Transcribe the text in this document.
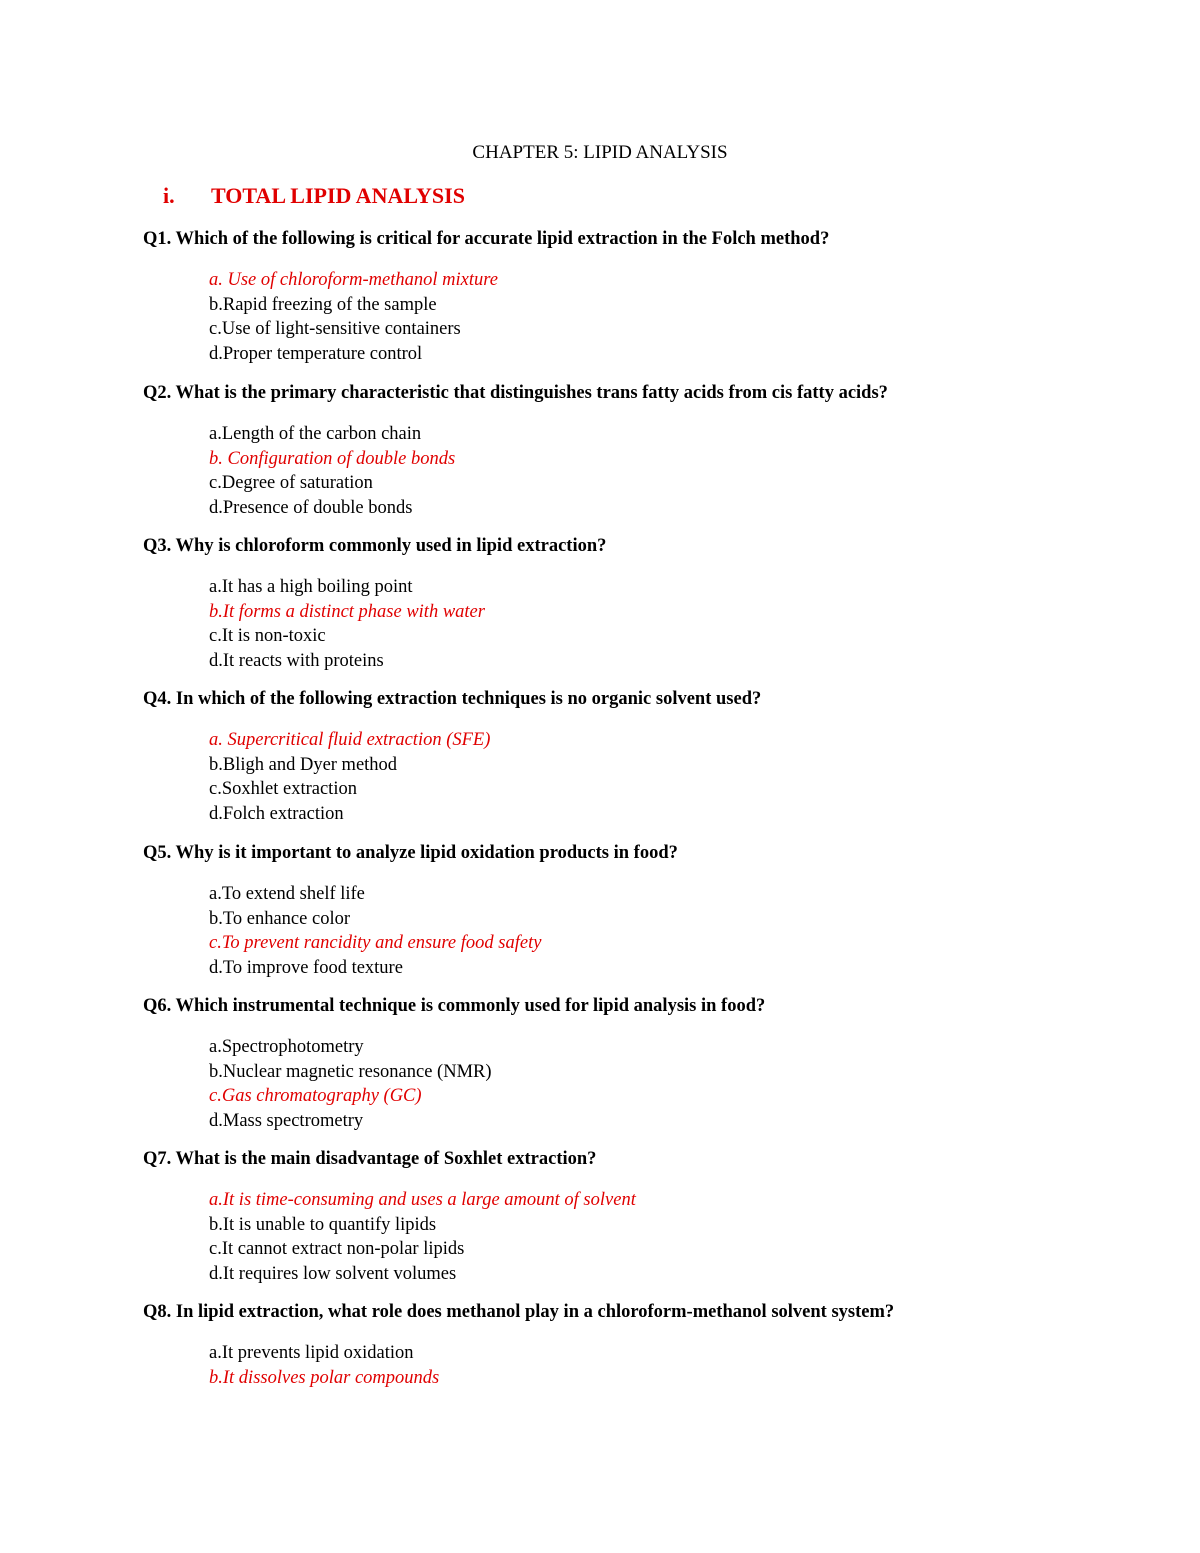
CHAPTER 5: LIPID ANALYSIS
i. TOTAL LIPID ANALYSIS
Q1. Which of the following is critical for accurate lipid extraction in the Folch method?
a. Use of chloroform-methanol mixture
b.Rapid freezing of the sample
c.Use of light-sensitive containers
d.Proper temperature control
Q2. What is the primary characteristic that distinguishes trans fatty acids from cis fatty acids?
a.Length of the carbon chain
b. Configuration of double bonds
c.Degree of saturation
d.Presence of double bonds
Q3. Why is chloroform commonly used in lipid extraction?
a.It has a high boiling point
b.It forms a distinct phase with water
c.It is non-toxic
d.It reacts with proteins
Q4. In which of the following extraction techniques is no organic solvent used?
a. Supercritical fluid extraction (SFE)
b.Bligh and Dyer method
c.Soxhlet extraction
d.Folch extraction
Q5. Why is it important to analyze lipid oxidation products in food?
a.To extend shelf life
b.To enhance color
c.To prevent rancidity and ensure food safety
d.To improve food texture
Q6. Which instrumental technique is commonly used for lipid analysis in food?
a.Spectrophotometry
b.Nuclear magnetic resonance (NMR)
c.Gas chromatography (GC)
d.Mass spectrometry
Q7. What is the main disadvantage of Soxhlet extraction?
a.It is time-consuming and uses a large amount of solvent
b.It is unable to quantify lipids
c.It cannot extract non-polar lipids
d.It requires low solvent volumes
Q8. In lipid extraction, what role does methanol play in a chloroform-methanol solvent system?
a.It prevents lipid oxidation
b.It dissolves polar compounds
